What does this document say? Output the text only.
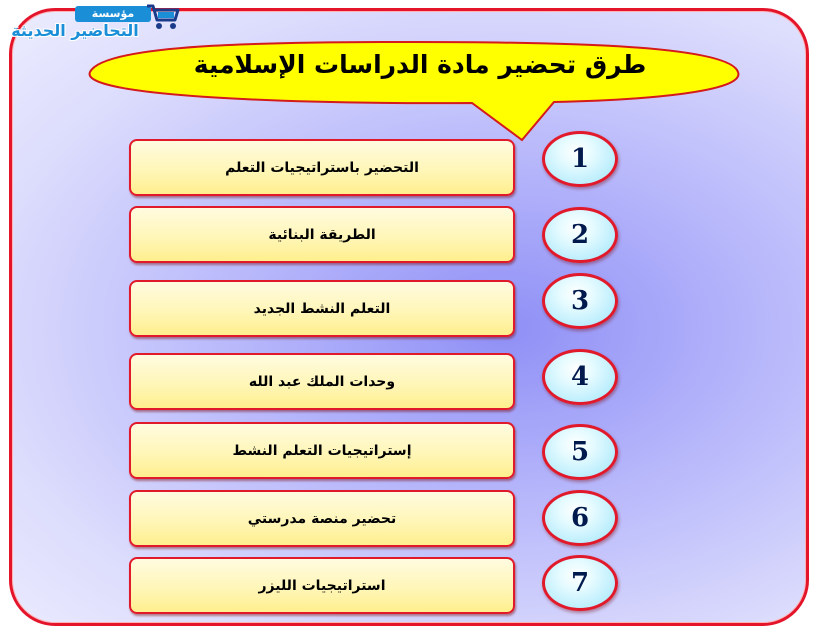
مؤسسة
التحاضير الحديثة
طرق تحضير مادة الدراسات الإسلامية
التحضير باستراتيجيات التعلم	1
الطريقة البنائية	2
التعلم النشط الجديد	3
وحدات الملك عبد الله	4
إستراتيجيات التعلم النشط	5
تحضير منصة مدرستي	6
استراتيجيات الليزر	7
